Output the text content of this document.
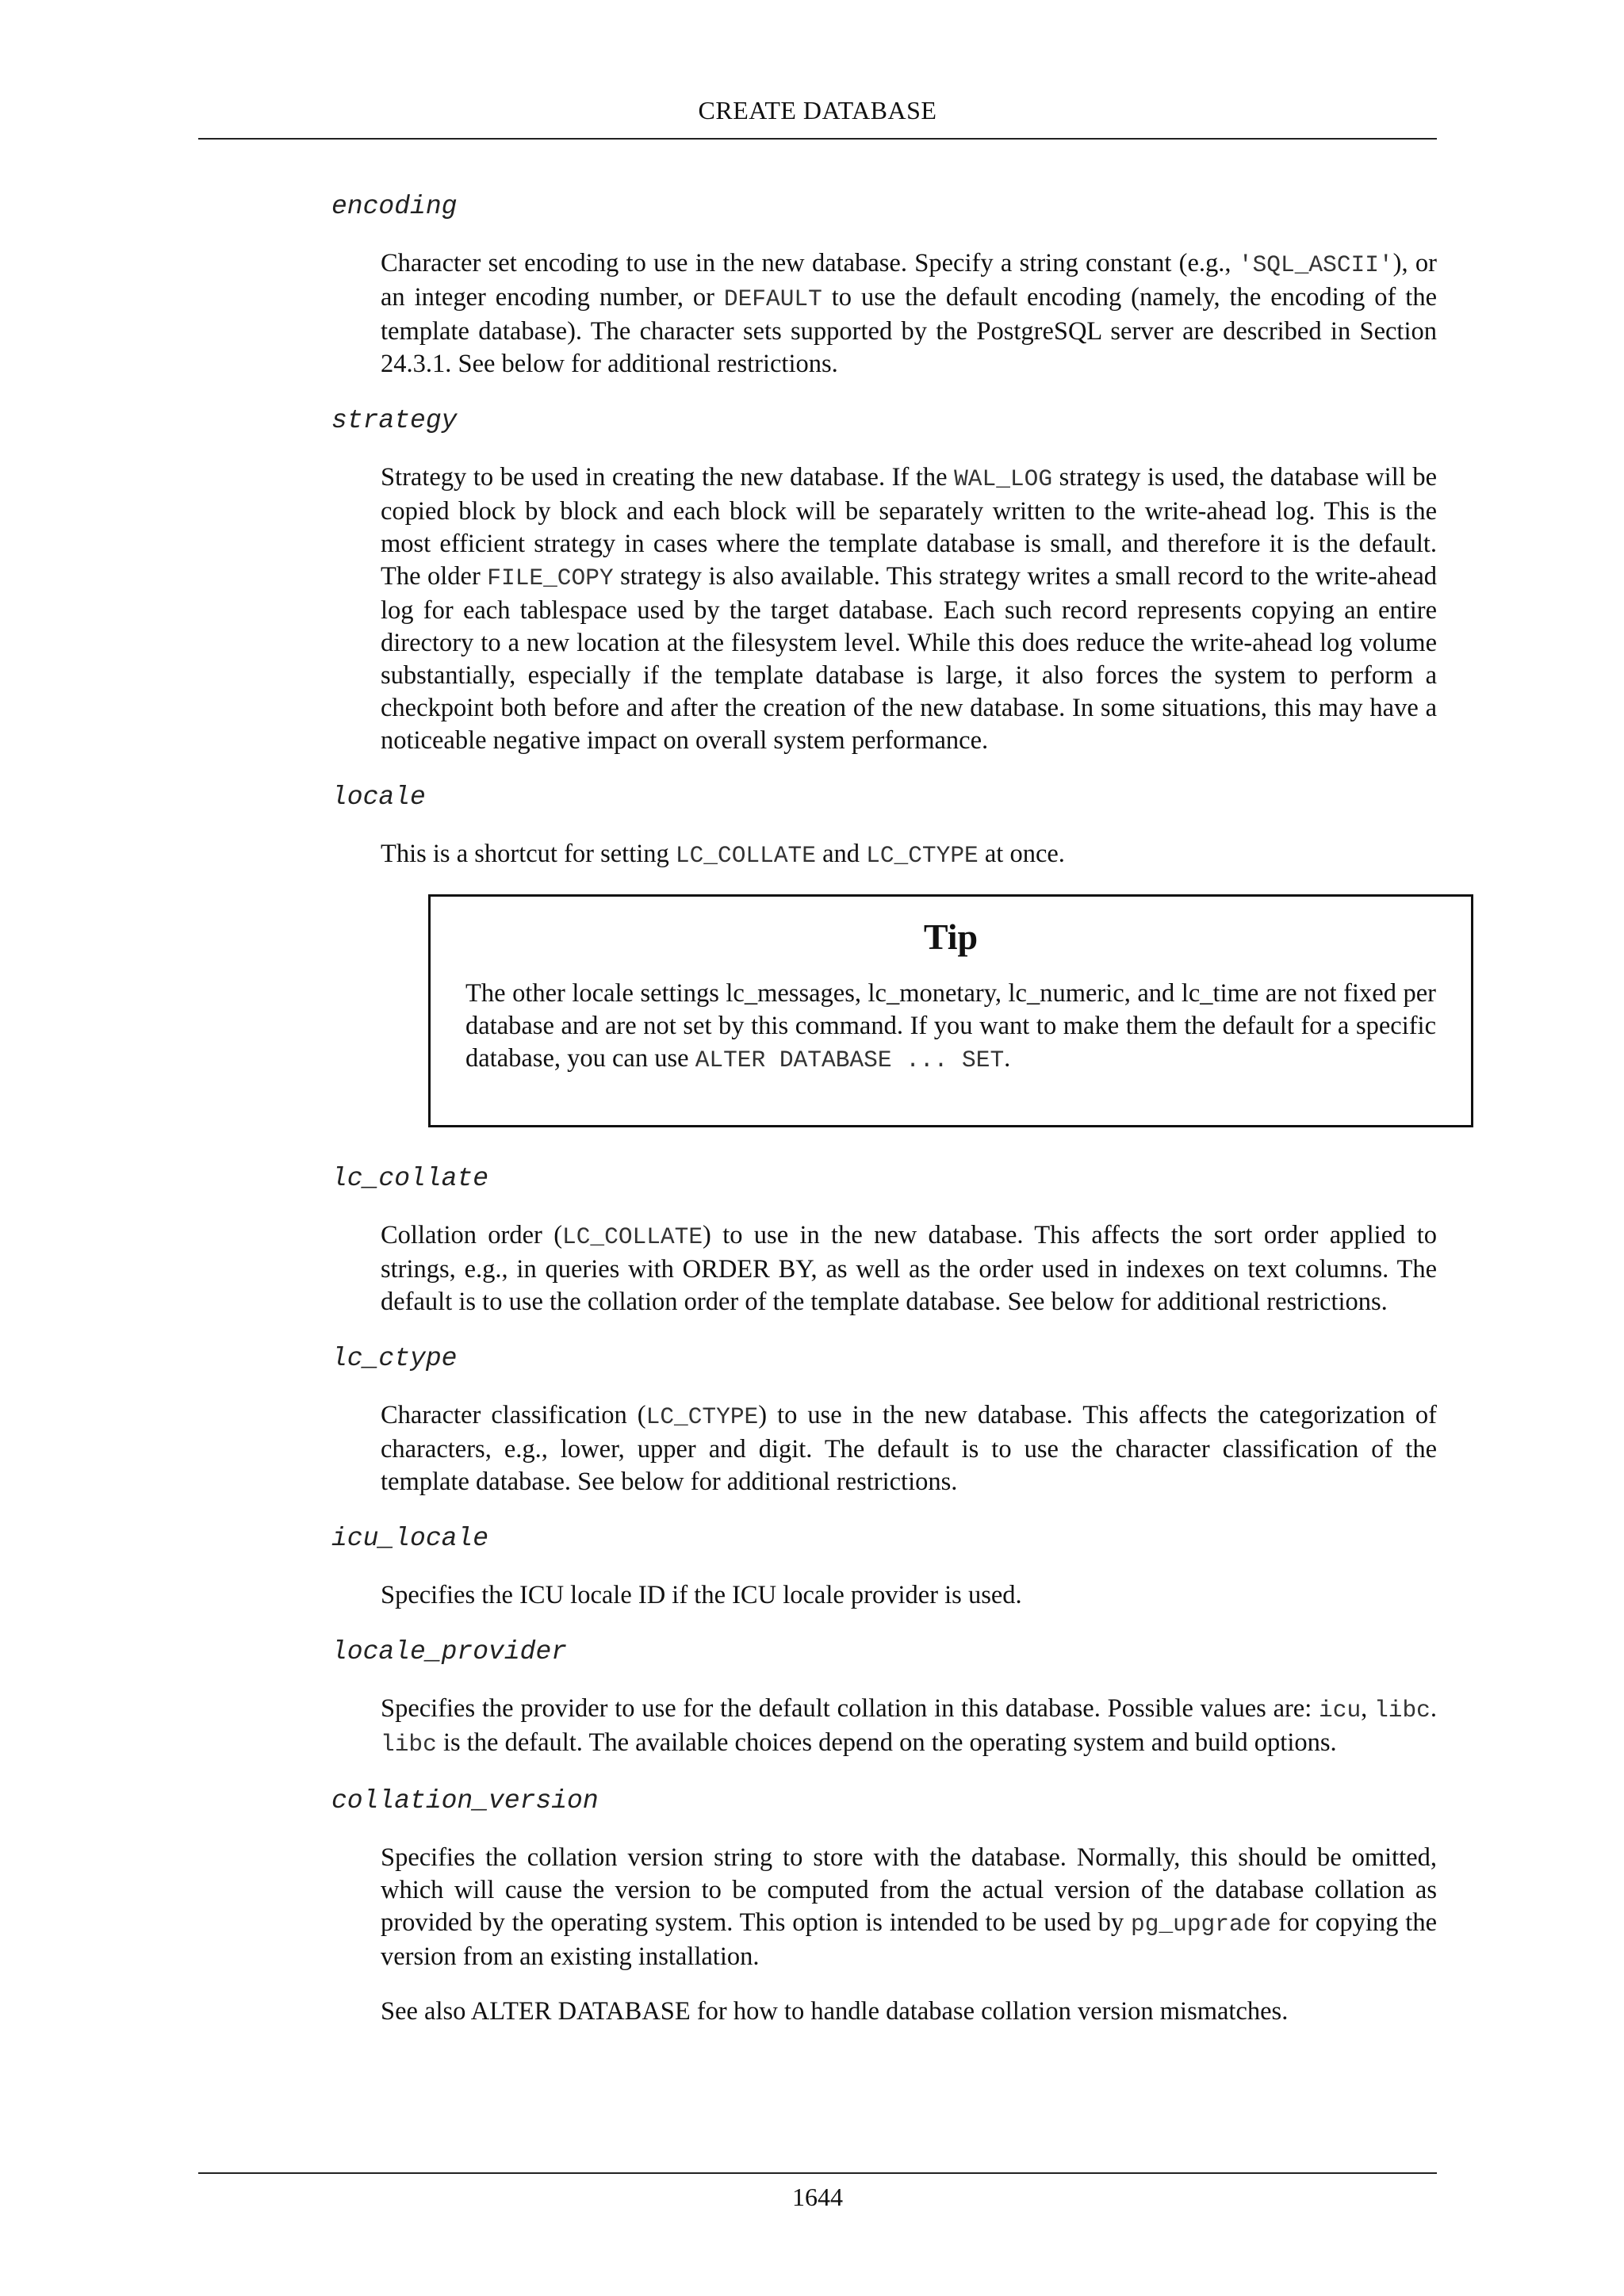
CREATE DATABASE
encoding
Character set encoding to use in the new database. Specify a string constant (e.g., 'SQL_ASCII'), or an integer encoding number, or DEFAULT to use the default encoding (namely, the encoding of the template database). The character sets supported by the PostgreSQL server are described in Section 24.3.1. See below for additional restrictions.
strategy
Strategy to be used in creating the new database. If the WAL_LOG strategy is used, the database will be copied block by block and each block will be separately written to the write-ahead log. This is the most efficient strategy in cases where the template database is small, and therefore it is the default. The older FILE_COPY strategy is also available. This strategy writes a small record to the write-ahead log for each tablespace used by the target database. Each such record represents copying an entire directory to a new location at the filesystem level. While this does reduce the write-ahead log volume substantially, especially if the template database is large, it also forces the system to perform a checkpoint both before and after the creation of the new database. In some situations, this may have a noticeable negative impact on overall system performance.
locale
This is a shortcut for setting LC_COLLATE and LC_CTYPE at once.
Tip
The other locale settings lc_messages, lc_monetary, lc_numeric, and lc_time are not fixed per database and are not set by this command. If you want to make them the default for a specific database, you can use ALTER DATABASE ... SET.
lc_collate
Collation order (LC_COLLATE) to use in the new database. This affects the sort order applied to strings, e.g., in queries with ORDER BY, as well as the order used in indexes on text columns. The default is to use the collation order of the template database. See below for additional restrictions.
lc_ctype
Character classification (LC_CTYPE) to use in the new database. This affects the categorization of characters, e.g., lower, upper and digit. The default is to use the character classification of the template database. See below for additional restrictions.
icu_locale
Specifies the ICU locale ID if the ICU locale provider is used.
locale_provider
Specifies the provider to use for the default collation in this database. Possible values are: icu, libc. libc is the default. The available choices depend on the operating system and build options.
collation_version
Specifies the collation version string to store with the database. Normally, this should be omitted, which will cause the version to be computed from the actual version of the database collation as provided by the operating system. This option is intended to be used by pg_upgrade for copying the version from an existing installation.
See also ALTER DATABASE for how to handle database collation version mismatches.
1644
